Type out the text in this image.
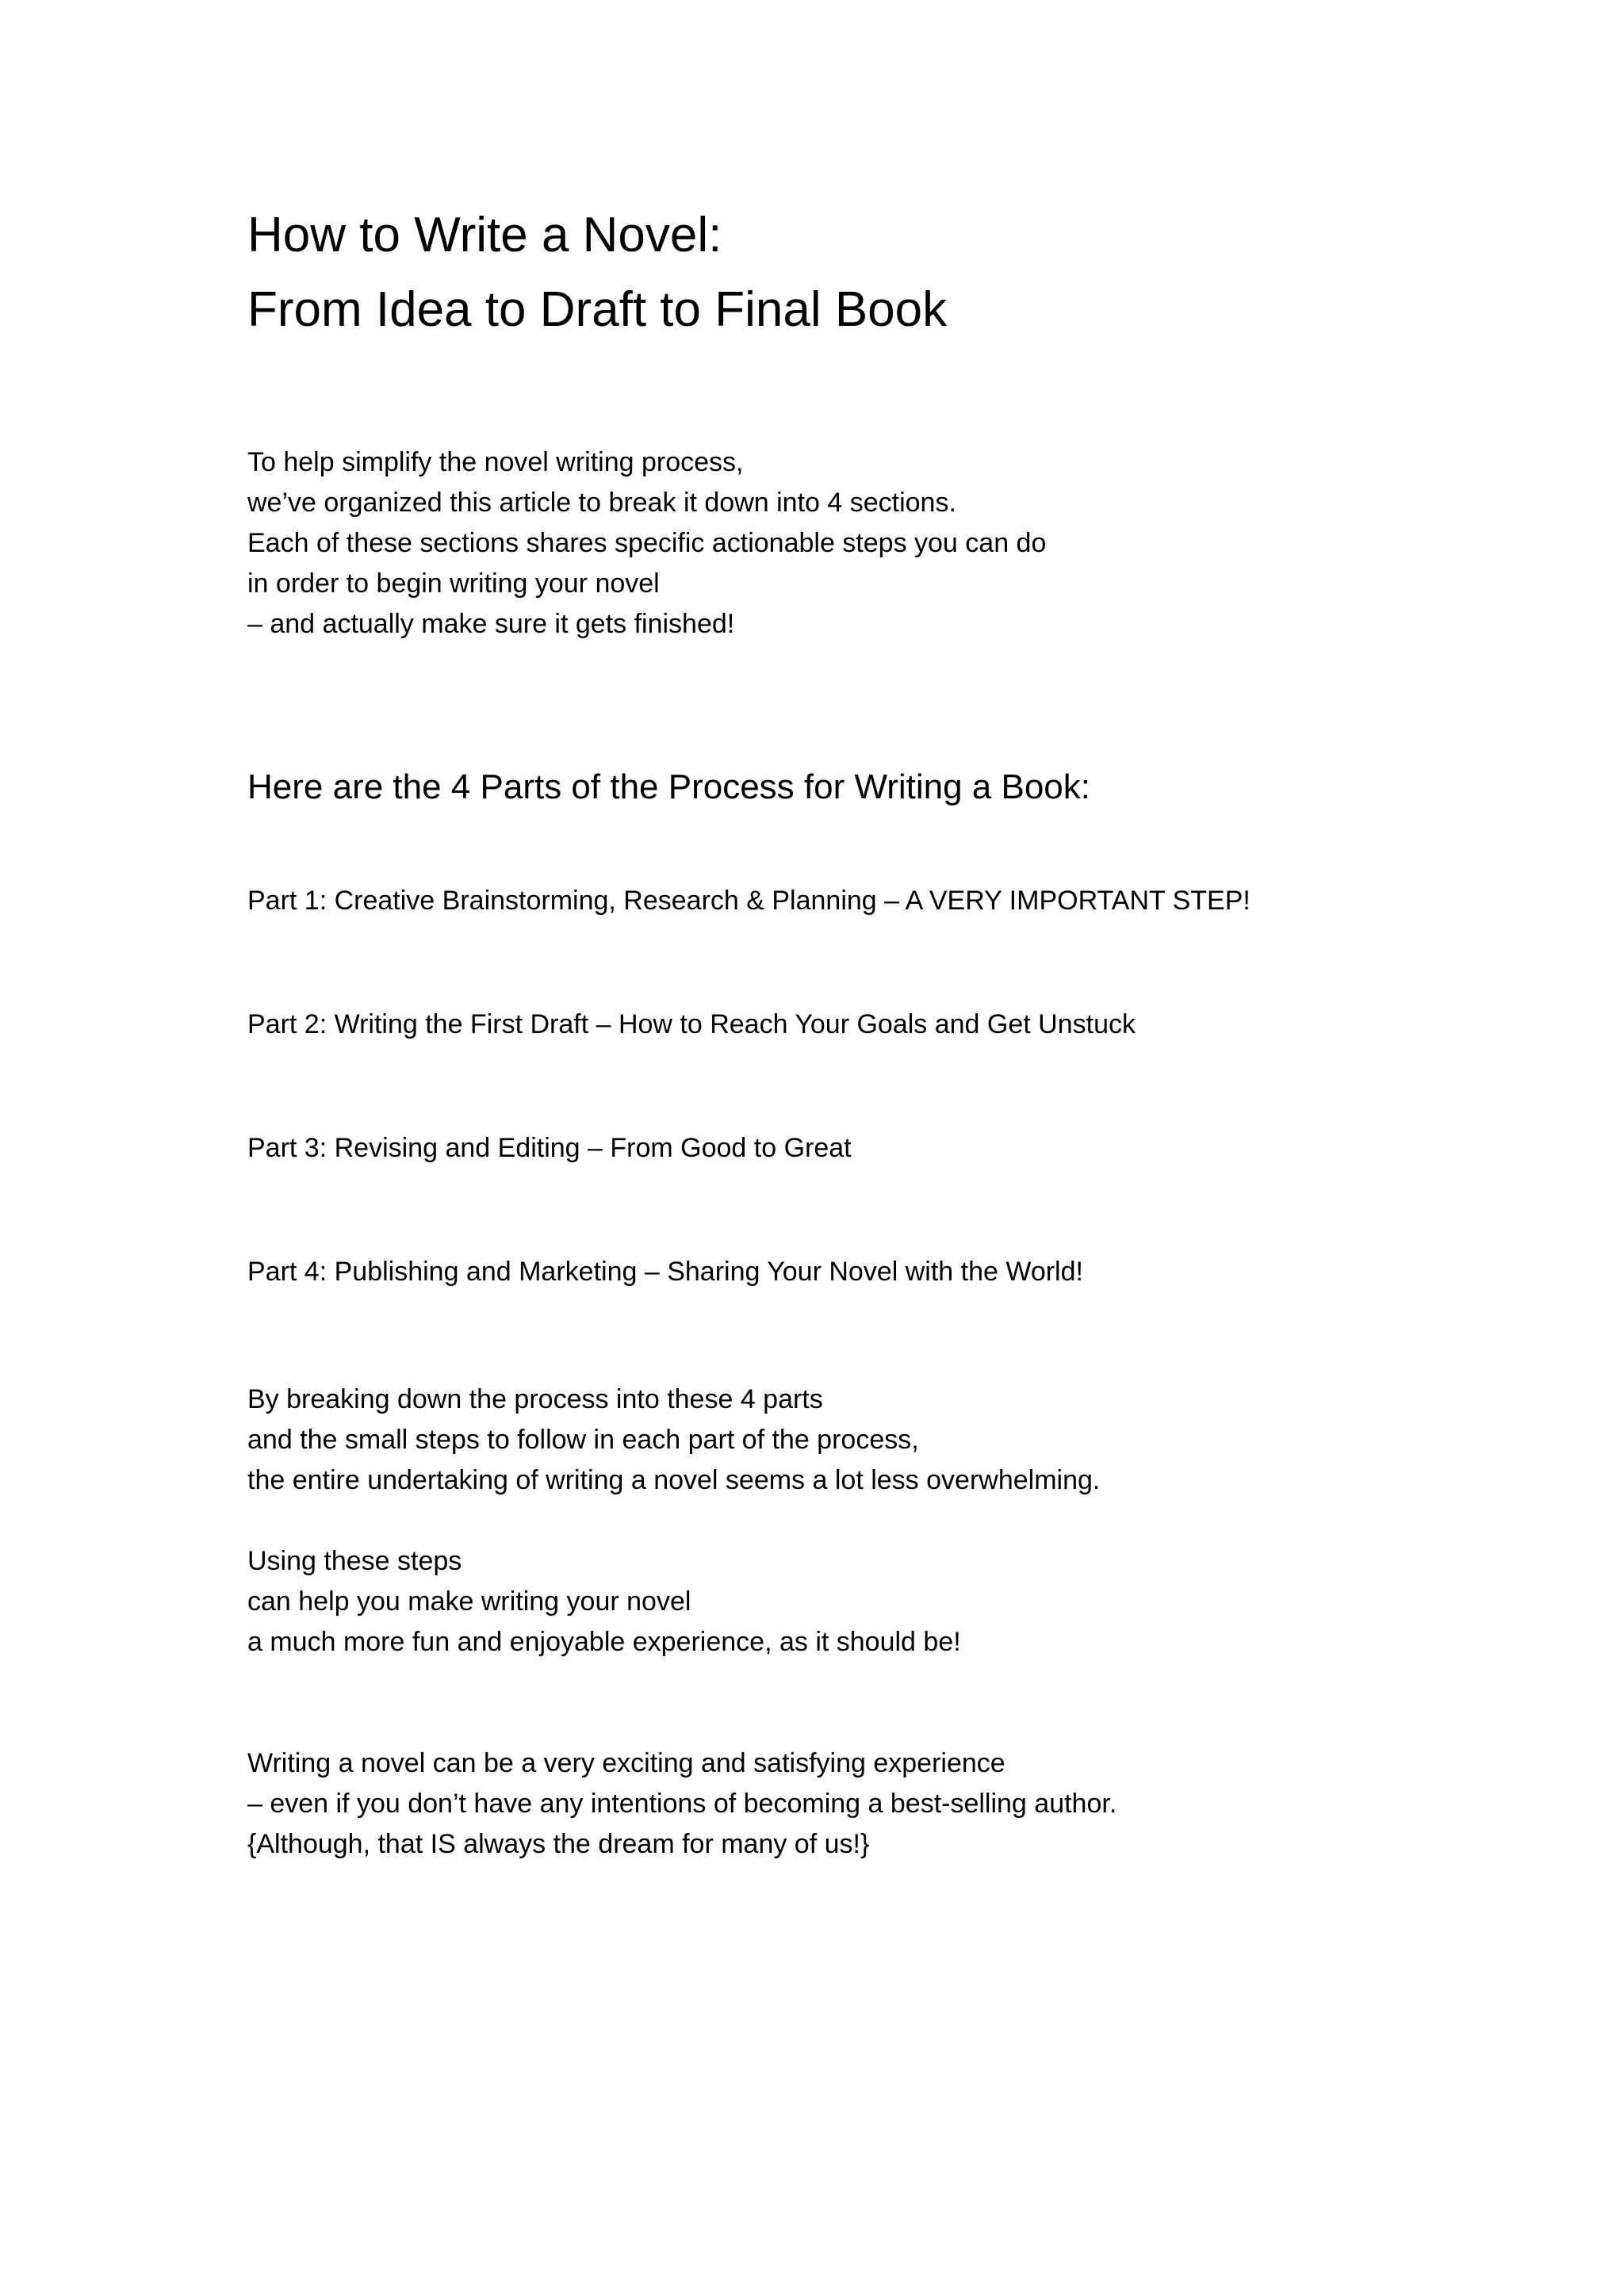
How to Write a Novel:
From Idea to Draft to Final Book

To help simplify the novel writing process,
we’ve organized this article to break it down into 4 sections.
Each of these sections shares specific actionable steps you can do
in order to begin writing your novel
– and actually make sure it gets finished!

Here are the 4 Parts of the Process for Writing a Book:
Part 1: Creative Brainstorming, Research & Planning – A VERY IMPORTANT STEP!
Part 2: Writing the First Draft – How to Reach Your Goals and Get Unstuck
Part 3: Revising and Editing – From Good to Great
Part 4: Publishing and Marketing – Sharing Your Novel with the World!

By breaking down the process into these 4 parts
and the small steps to follow in each part of the process,
the entire undertaking of writing a novel seems a lot less overwhelming.

Using these steps
can help you make writing your novel
a much more fun and enjoyable experience, as it should be!

Writing a novel can be a very exciting and satisfying experience
– even if you don’t have any intentions of becoming a best-selling author.
{Although, that IS always the dream for many of us!}
